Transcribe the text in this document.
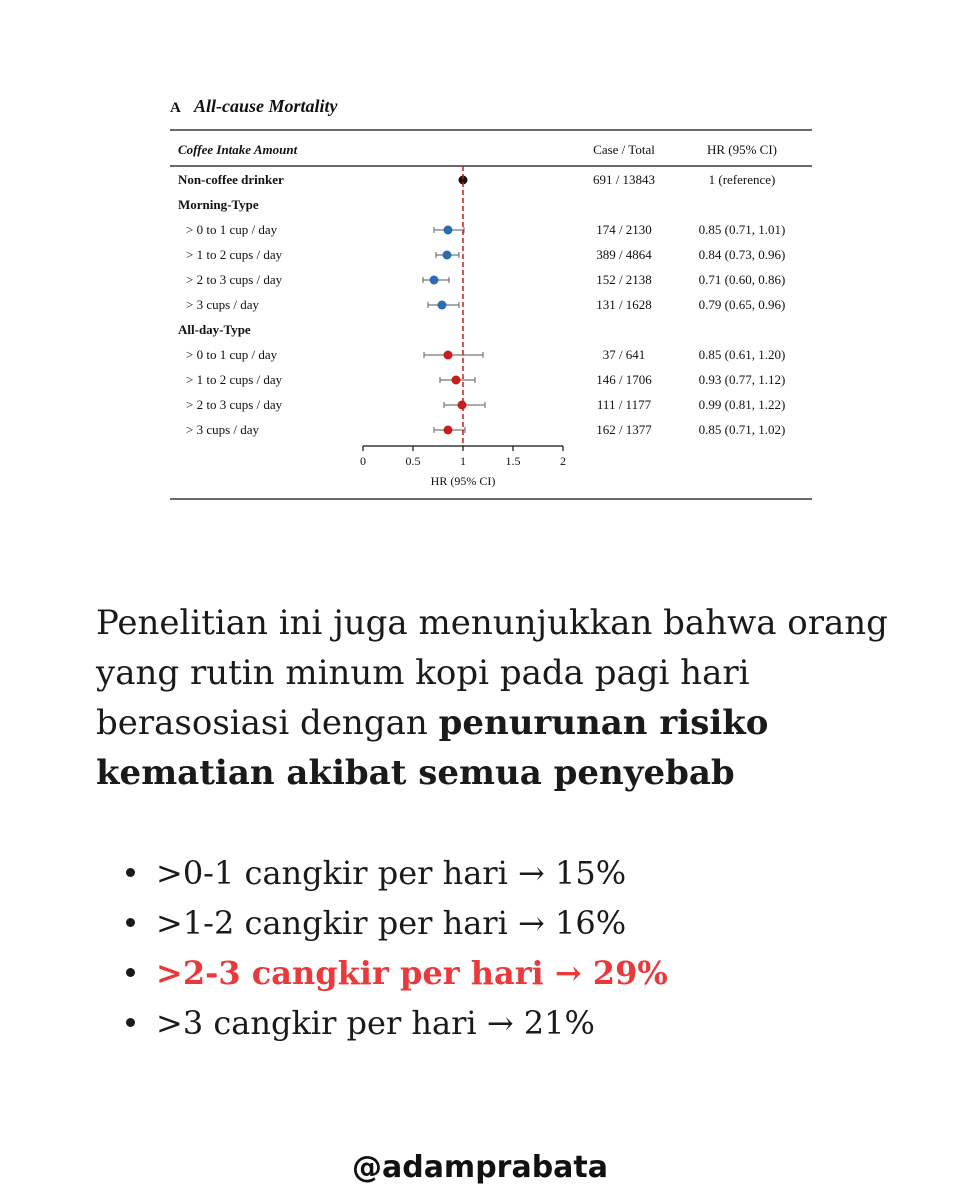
A All-cause Mortality
Coffee Intake Amount	Case / Total	HR (95% CI)
Non-coffee drinker	691 / 13843	1 (reference)
Morning-Type
> 0 to 1 cup / day	174 / 2130	0.85 (0.71, 1.01)
> 1 to 2 cups / day	389 / 4864	0.84 (0.73, 0.96)
> 2 to 3 cups / day	152 / 2138	0.71 (0.60, 0.86)
> 3 cups / day	131 / 1628	0.79 (0.65, 0.96)
All-day-Type
> 0 to 1 cup / day	37 / 641	0.85 (0.61, 1.20)
> 1 to 2 cups / day	146 / 1706	0.93 (0.77, 1.12)
> 2 to 3 cups / day	111 / 1177	0.99 (0.81, 1.22)
> 3 cups / day	162 / 1377	0.85 (0.71, 1.02)
0	0.5	1	1.5	2
HR (95% CI)

Penelitian ini juga menunjukkan bahwa orang yang rutin minum kopi pada pagi hari berasosiasi dengan penurunan risiko kematian akibat semua penyebab

>0-1 cangkir per hari → 15%
>1-2 cangkir per hari → 16%
>2-3 cangkir per hari → 29%
>3 cangkir per hari → 21%
@adamprabata
